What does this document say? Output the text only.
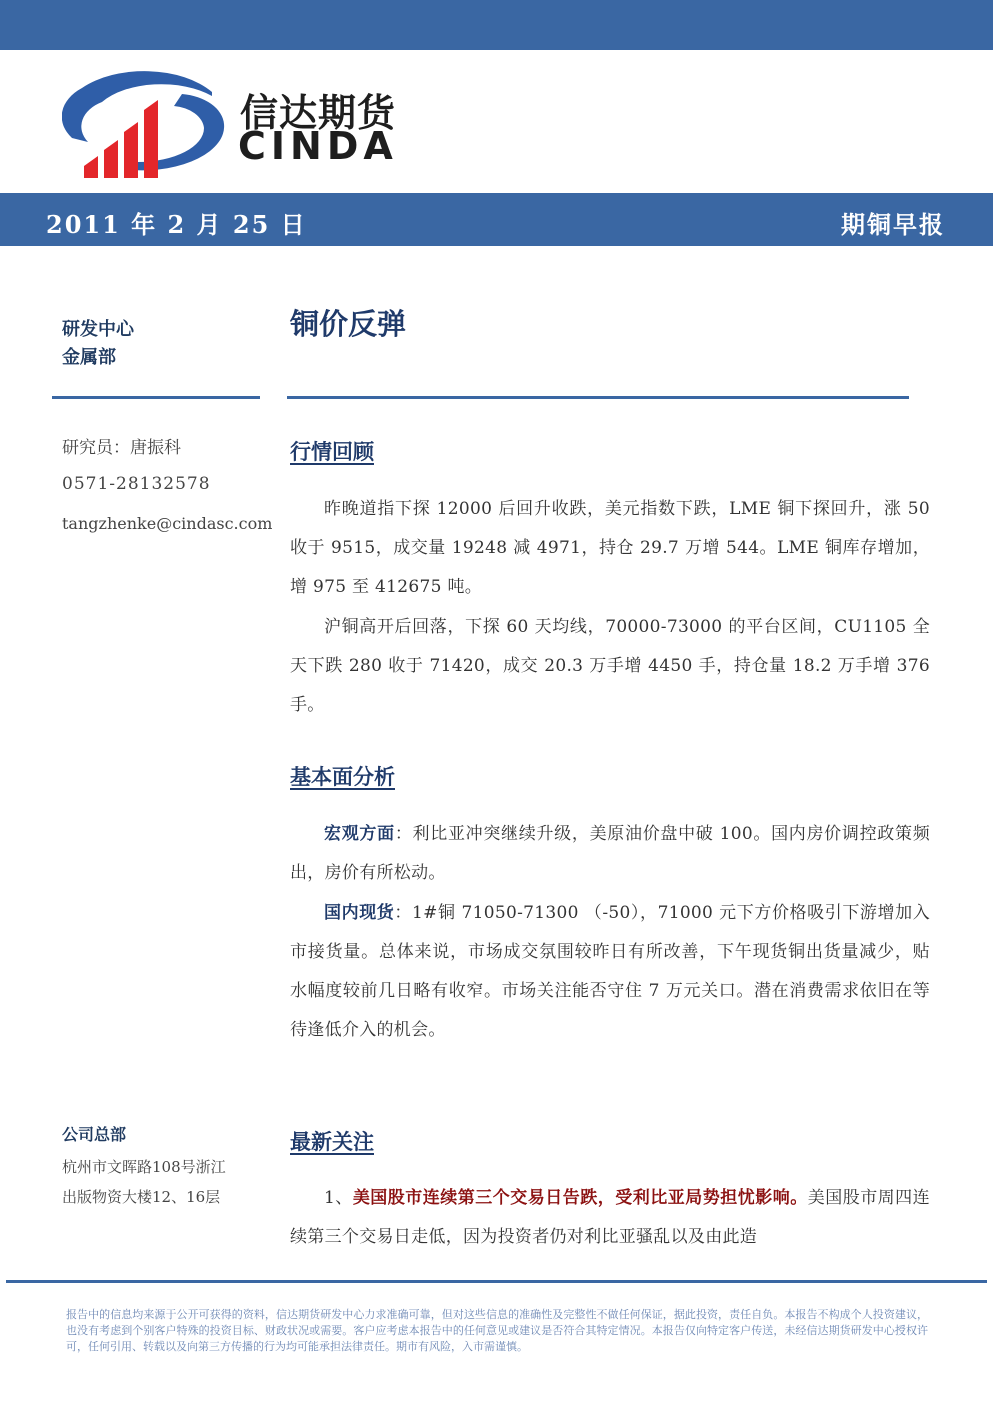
信达期货
CINDA
2011 年 2 月 25 日	期铜早报
研发中心
金属部
铜价反弹
研究员：唐振科
0571-28132578
tangzhenke@cindasc.com
行情回顾
昨晚道指下探 12000 后回升收跌，美元指数下跌，LME 铜下探回升，涨 50 收于 9515，成交量 19248 减 4971，持仓 29.7 万增 544。LME 铜库存增加，增 975 至 412675 吨。
沪铜高开后回落，下探 60 天均线，70000-73000 的平台区间，CU1105 全天下跌 280 收于 71420，成交 20.3 万手增 4450 手，持仓量 18.2 万手增 376 手。
基本面分析
宏观方面：利比亚冲突继续升级，美原油价盘中破 100。国内房价调控政策频出，房价有所松动。
国内现货：1#铜 71050-71300 （-50），71000 元下方价格吸引下游增加入市接货量。总体来说，市场成交氛围较昨日有所改善，下午现货铜出货量减少，贴水幅度较前几日略有收窄。市场关注能否守住 7 万元关口。潜在消费需求依旧在等待逢低介入的机会。
公司总部
杭州市文晖路108号浙江
出版物资大楼12、16层
最新关注
1、美国股市连续第三个交易日告跌，受利比亚局势担忧影响。美国股市周四连续第三个交易日走低，因为投资者仍对利比亚骚乱以及由此造
报告中的信息均来源于公开可获得的资料，信达期货研发中心力求准确可靠，但对这些信息的准确性及完整性不做任何保证，据此投资，责任自负。本报告不构成个人投资建议，也没有考虑到个别客户特殊的投资目标、财政状况或需要。客户应考虑本报告中的任何意见或建议是否符合其特定情况。本报告仅向特定客户传送，未经信达期货研发中心授权许可，任何引用、转载以及向第三方传播的行为均可能承担法律责任。期市有风险，入市需谨慎。
